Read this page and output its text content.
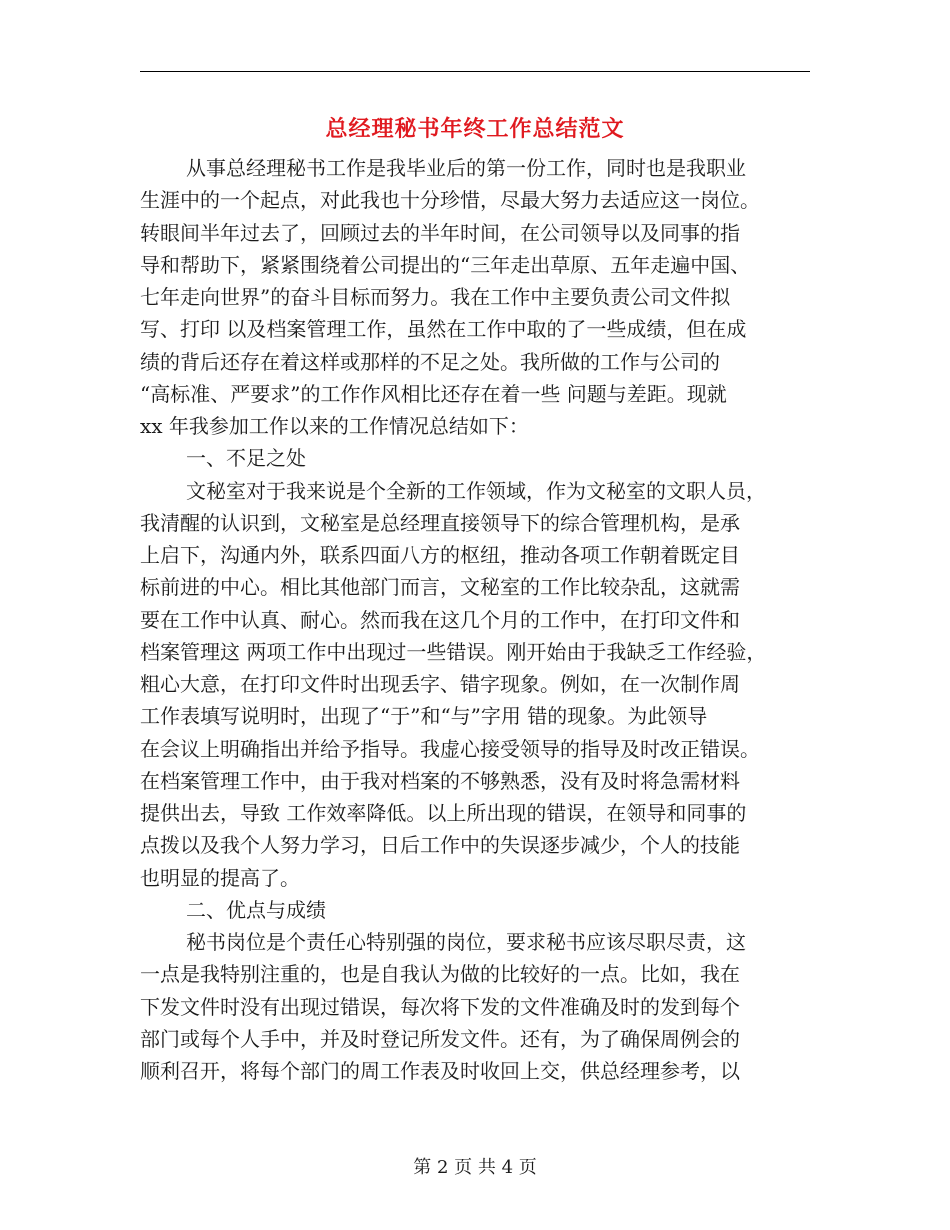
总经理秘书年终工作总结范文
从事总经理秘书工作是我毕业后的第一份工作，同时也是我职业
生涯中的一个起点，对此我也十分珍惜，尽最大努力去适应这一岗位。
转眼间半年过去了，回顾过去的半年时间，在公司领导以及同事的指
导和帮助下，紧紧围绕着公司提出的“三年走出草原、五年走遍中国、
七年走向世界”的奋斗目标而努力。我在工作中主要负责公司文件拟
写、打印 以及档案管理工作，虽然在工作中取的了一些成绩，但在成
绩的背后还存在着这样或那样的不足之处。我所做的工作与公司的
“高标准、严要求”的工作作风相比还存在着一些 问题与差距。现就
xx 年我参加工作以来的工作情况总结如下：
一、不足之处
文秘室对于我来说是个全新的工作领域，作为文秘室的文职人员，
我清醒的认识到，文秘室是总经理直接领导下的综合管理机构，是承
上启下，沟通内外，联系四面八方的枢纽，推动各项工作朝着既定目
标前进的中心。相比其他部门而言，文秘室的工作比较杂乱，这就需
要在工作中认真、耐心。然而我在这几个月的工作中，在打印文件和
档案管理这 两项工作中出现过一些错误。刚开始由于我缺乏工作经验，
粗心大意，在打印文件时出现丢字、错字现象。例如，在一次制作周
工作表填写说明时，出现了“于”和“与”字用 错的现象。为此领导
在会议上明确指出并给予指导。我虚心接受领导的指导及时改正错误。
在档案管理工作中，由于我对档案的不够熟悉，没有及时将急需材料
提供出去，导致 工作效率降低。以上所出现的错误，在领导和同事的
点拨以及我个人努力学习，日后工作中的失误逐步减少，个人的技能
也明显的提高了。
二、优点与成绩
秘书岗位是个责任心特别强的岗位，要求秘书应该尽职尽责，这
一点是我特别注重的，也是自我认为做的比较好的一点。比如，我在
下发文件时没有出现过错误，每次将下发的文件准确及时的发到每个
部门或每个人手中，并及时登记所发文件。还有，为了确保周例会的
顺利召开，将每个部门的周工作表及时收回上交，供总经理参考，以
第 2 页 共 4 页
